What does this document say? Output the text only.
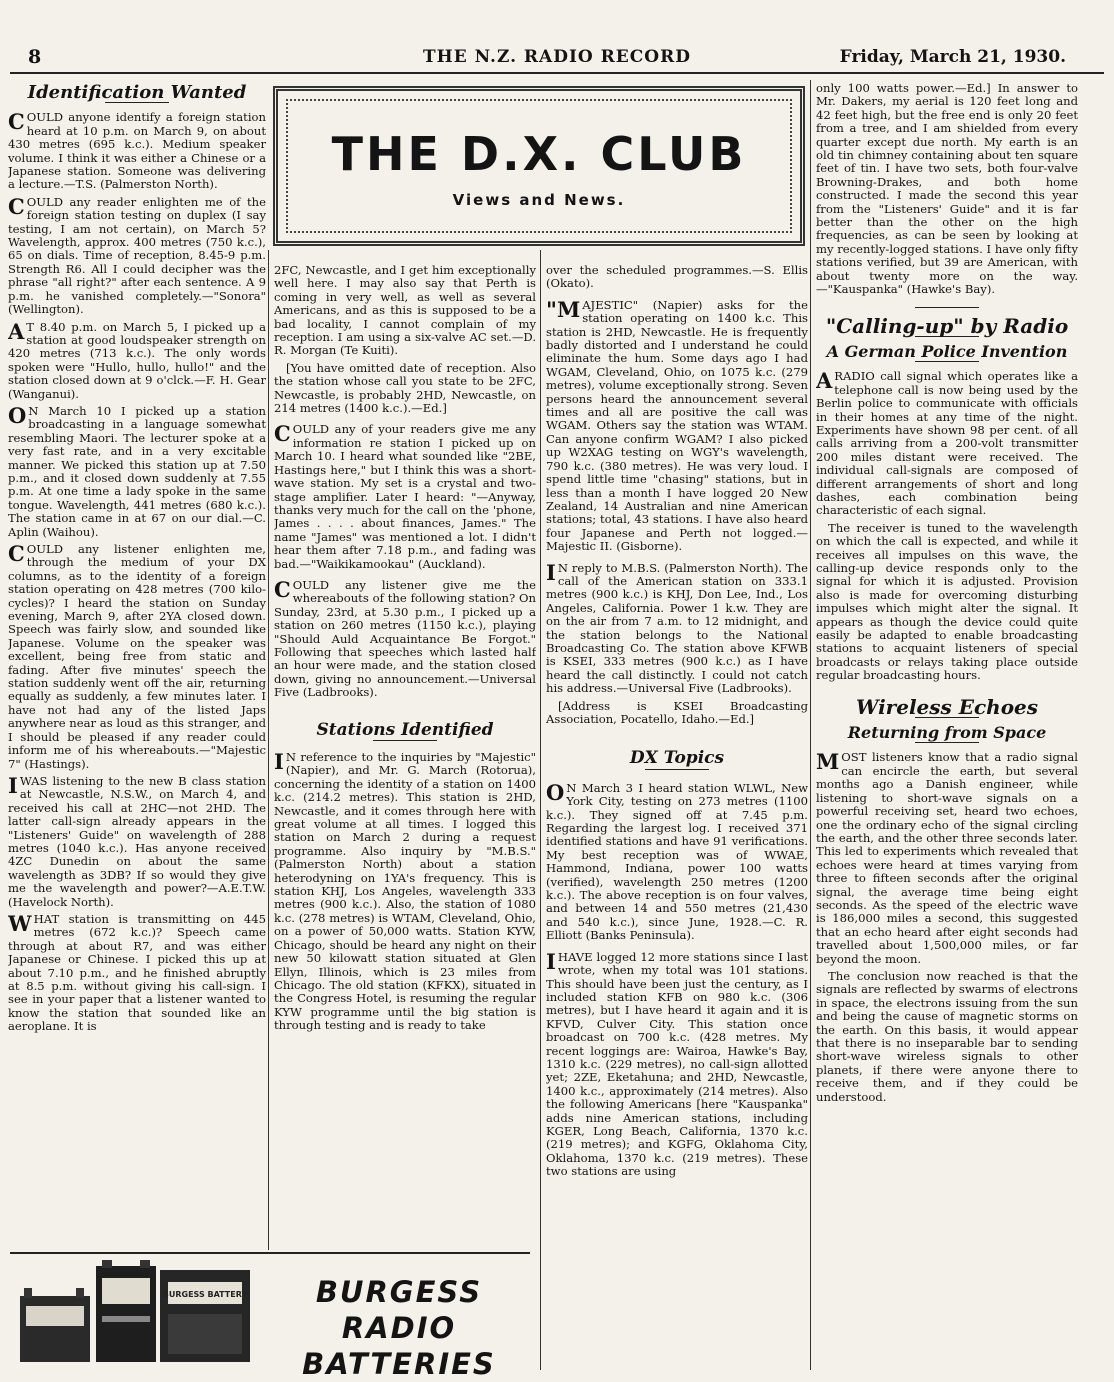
8	THE N.Z. RADIO RECORD	Friday, March 21, 1930.
Identification Wanted

COULD anyone identify a foreign station heard at 10 p.m. on March 9, on about 430 metres (695 k.c.). Medium speaker volume. I think it was either a Chinese or a Japanese station. Someone was delivering a lecture.—T.S. (Palmerston North).

COULD any reader enlighten me of the foreign station testing on duplex (I say testing, I am not certain), on March 5? Wavelength, approx. 400 metres (750 k.c.), 65 on dials. Time of reception, 8.45-9 p.m. Strength R6. All I could decipher was the phrase "all right?" after each sentence. A 9 p.m. he vanished completely.—"Sonora" (Wellington).

A T 8.40 p.m. on March 5, I picked up a station at good loudspeaker strength on 420 metres (713 k.c.). The only words spoken were "Hullo, hullo, hullo!" and the station closed down at 9 o'clck.—F. H. Gear (Wanganui).

O N March 10 I picked up a station broadcasting in a language somewhat resembling Maori. The lecturer spoke at a very fast rate, and in a very excitable manner. We picked this station up at 7.50 p.m., and it closed down suddenly at 7.55 p.m. At one time a lady spoke in the same tongue. Wavelength, 441 metres (680 k.c.). The station came in at 67 on our dial.—C. Aplin (Waihou).

COULD any listener enlighten me, through the medium of your DX columns, as to the identity of a foreign station operating on 428 metres (700 kilo-cycles)? I heard the station on Sunday evening, March 9, after 2YA closed down. Speech was fairly slow, and sounded like Japanese. Volume on the speaker was excellent, being free from static and fading. After five minutes' speech the station suddenly went off the air, returning equally as suddenly, a few minutes later. I have not had any of the listed Japs anywhere near as loud as this stranger, and I should be pleased if any reader could inform me of his whereabouts.—"Majestic 7" (Hastings).

IWAS listening to the new B class station at Newcastle, N.S.W., on March 4, and received his call at 2HC—not 2HD. The latter call-sign already appears in the "Listeners' Guide" on wavelength of 288 metres (1040 k.c.). Has anyone received 4ZC Dunedin on about the same wavelength as 3DB? If so would they give me the wavelength and power?—A.E.T.W. (Havelock North).

WHAT station is transmitting on 445 metres (672 k.c.)? Speech came through at about R7, and was either Japanese or Chinese. I picked this up at about 7.10 p.m., and he finished abruptly at 8.5 p.m. without giving his call-sign. I see in your paper that a listener wanted to know the station that sounded like an aeroplane. It is

THE D.X. CLUB
Views and News.

2FC, Newcastle, and I get him exceptionally well here. I may also say that Perth is coming in very well, as well as several Americans, and as this is supposed to be a bad locality, I cannot complain of my reception. I am using a six-valve AC set.—D. R. Morgan (Te Kuiti).

[You have omitted date of reception. Also the station whose call you state to be 2FC, Newcastle, is probably 2HD, Newcastle, on 214 metres (1400 k.c.).—Ed.]

COULD any of your readers give me any information re station I picked up on March 10. I heard what sounded like "2BE, Hastings here," but I think this was a short-wave station. My set is a crystal and two-stage amplifier. Later I heard: "—Anyway, thanks very much for the call on the 'phone, James . . . . about finances, James." The name "James" was mentioned a lot. I didn't hear them after 7.18 p.m., and fading was bad.—"Waikikamookau" (Auckland).

COULD any listener give me the whereabouts of the following station? On Sunday, 23rd, at 5.30 p.m., I picked up a station on 260 metres (1150 k.c.), playing "Should Auld Acquaintance Be Forgot." Following that speeches which lasted half an hour were made, and the station closed down, giving no announcement.—Universal Five (Ladbrooks).

Stations Identified

I N reference to the inquiries by "Majestic" (Napier), and Mr. G. March (Rotorua), concerning the identity of a station on 1400 k.c. (214.2 metres). This station is 2HD, Newcastle, and it comes through here with great volume at all times. I logged this station on March 2 during a request programme. Also inquiry by "M.B.S." (Palmerston North) about a station heterodyning on 1YA's frequency. This is station KHJ, Los Angeles, wavelength 333 metres (900 k.c.). Also, the station of 1080 k.c. (278 metres) is WTAM, Cleveland, Ohio, on a power of 50,000 watts. Station KYW, Chicago, should be heard any night on their new 50 kilowatt station situated at Glen Ellyn, Illinois, which is 23 miles from Chicago. The old station (KFKX), situated in the Congress Hotel, is resuming the regular KYW programme until the big station is through testing and is ready to take

over the scheduled programmes.—S. Ellis (Okato).

"MAJESTIC" (Napier) asks for the station operating on 1400 k.c. This station is 2HD, Newcastle. He is frequently badly distorted and I understand he could eliminate the hum. Some days ago I had WGAM, Cleveland, Ohio, on 1075 k.c. (279 metres), volume exceptionally strong. Seven persons heard the announcement several times and all are positive the call was WGAM. Others say the station was WTAM. Can anyone confirm WGAM? I also picked up W2XAG testing on WGY's wavelength, 790 k.c. (380 metres). He was very loud. I spend little time "chasing" stations, but in less than a month I have logged 20 New Zealand, 14 Australian and nine American stations; total, 43 stations. I have also heard four Japanese and Perth not logged.—Majestic II. (Gisborne).

I N reply to M.B.S. (Palmerston North). The call of the American station on 333.1 metres (900 k.c.) is KHJ, Don Lee, Ind., Los Angeles, California. Power 1 k.w. They are on the air from 7 a.m. to 12 midnight, and the station belongs to the National Broadcasting Co. The station above KFWB is KSEI, 333 metres (900 k.c.) as I have heard the call distinctly. I could not catch his address.—Universal Five (Ladbrooks).

[Address is KSEI Broadcasting Association, Pocatello, Idaho.—Ed.]

DX Topics

O N March 3 I heard station WLWL, New York City, testing on 273 metres (1100 k.c.). They signed off at 7.45 p.m. Regarding the largest log. I received 371 identified stations and have 91 verifications. My best reception was of WWAE, Hammond, Indiana, power 100 watts (verified), wavelength 250 metres (1200 k.c.). The above reception is on four valves, and between 14 and 550 metres (21,430 and 540 k.c.), since June, 1928.—C. R. Elliott (Banks Peninsula).

IHAVE logged 12 more stations since I last wrote, when my total was 101 stations. This should have been just the century, as I included station KFB on 980 k.c. (306 metres), but I have heard it again and it is KFVD, Culver City. This station once broadcast on 700 k.c. (428 metres. My recent loggings are: Wairoa, Hawke's Bay, 1310 k.c. (229 metres), no call-sign allotted yet; 2ZE, Eketahuna; and 2HD, Newcastle, 1400 k.c., approximately (214 metres). Also the following Americans [here "Kauspanka" adds nine American stations, including KGER, Long Beach, California, 1370 k.c. (219 metres); and KGFG, Oklahoma City, Oklahoma, 1370 k.c. (219 metres). These two stations are using

only 100 watts power.—Ed.] In answer to Mr. Dakers, my aerial is 120 feet long and 42 feet high, but the free end is only 20 feet from a tree, and I am shielded from every quarter except due north. My earth is an old tin chimney containing about ten square feet of tin. I have two sets, both four-valve Browning-Drakes, and both home constructed. I made the second this year from the "Listeners' Guide" and it is far better than the other on the high frequencies, as can be seen by looking at my recently-logged stations. I have only fifty stations verified, but 39 are American, with about twenty more on the way.—"Kauspanka" (Hawke's Bay).

"Calling-up" by Radio
A German Police Invention

ARADIO call signal which operates like a telephone call is now being used by the Berlin police to communicate with officials in their homes at any time of the night. Experiments have shown 98 per cent. of all calls arriving from a 200-volt transmitter 200 miles distant were received. The individual call-signals are composed of different arrangements of short and long dashes, each combination being characteristic of each signal.

The receiver is tuned to the wavelength on which the call is expected, and while it receives all impulses on this wave, the calling-up device responds only to the signal for which it is adjusted. Provision also is made for overcoming disturbing impulses which might alter the signal. It appears as though the device could quite easily be adapted to enable broadcasting stations to acquaint listeners of special broadcasts or relays taking place outside regular broadcasting hours.

Wireless Echoes
Returning from Space

MOST listeners know that a radio signal can encircle the earth, but several months ago a Danish engineer, while listening to short-wave signals on a powerful receiving set, heard two echoes, one the ordinary echo of the signal circling the earth, and the other three seconds later. This led to experiments which revealed that echoes were heard at times varying from three to fifteen seconds after the original signal, the average time being eight seconds. As the speed of the electric wave is 186,000 miles a second, this suggested that an echo heard after eight seconds had travelled about 1,500,000 miles, or far beyond the moon.

The conclusion now reached is that the signals are reflected by swarms of electrons in space, the electrons issuing from the sun and being the cause of magnetic storms on the earth. On this basis, it would appear that there is no inseparable bar to sending short-wave wireless signals to other planets, if there were anyone there to receive them, and if they could be understood.

BURGESS BATTERY	BURGESS
RADIO
BATTERIES
